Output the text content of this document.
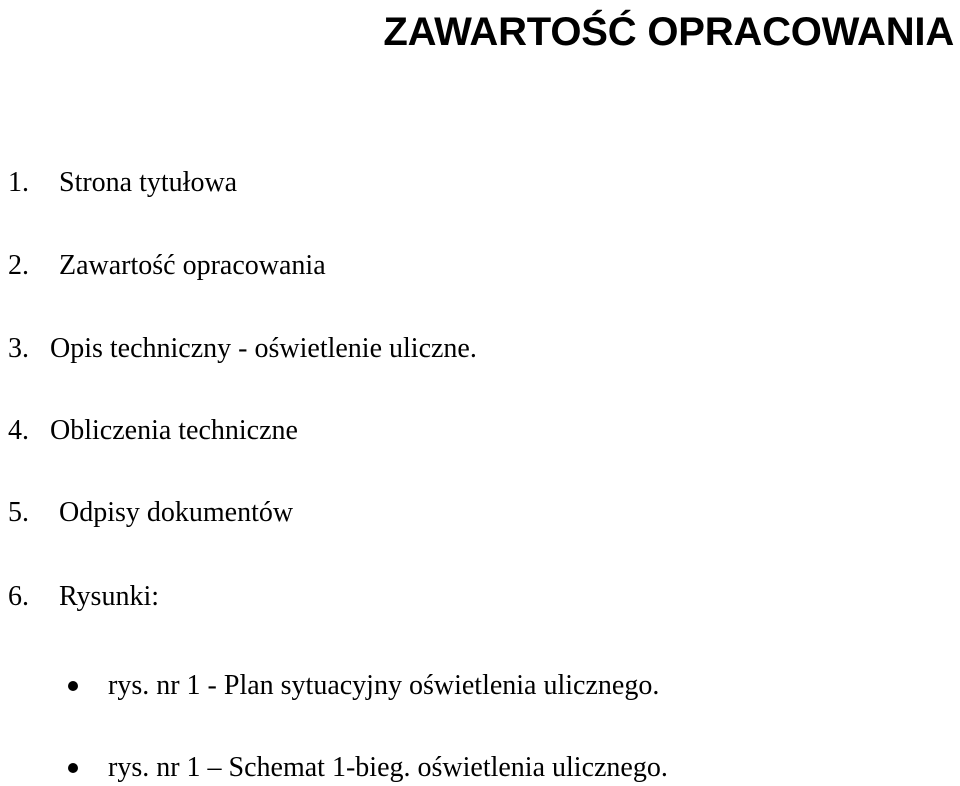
ZAWARTOŚĆ OPRACOWANIA
1. Strona tytułowa
2. Zawartość opracowania
3. Opis techniczny - oświetlenie uliczne.
4. Obliczenia techniczne
5. Odpisy dokumentów
6. Rysunki:
rys. nr 1 - Plan sytuacyjny oświetlenia ulicznego.
rys. nr 1 – Schemat 1-bieg. oświetlenia ulicznego.
